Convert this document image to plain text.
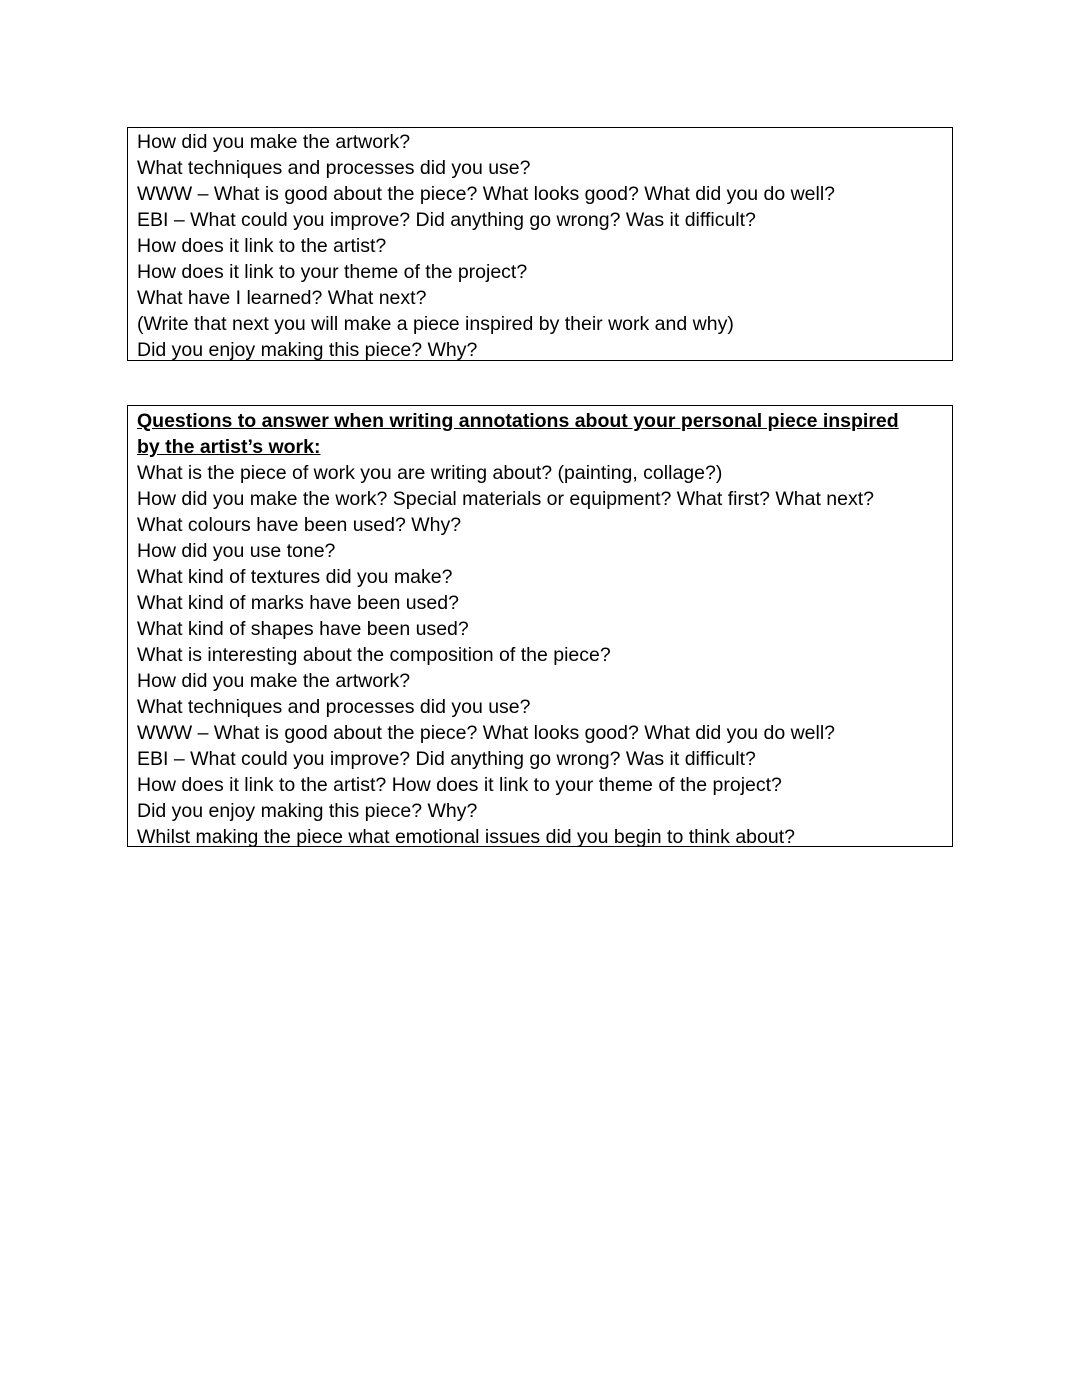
How did you make the artwork?
What techniques and processes did you use?
WWW – What is good about the piece? What looks good? What did you do well?
EBI – What could you improve? Did anything go wrong? Was it difficult?
How does it link to the artist?
How does it link to your theme of the project?
What have I learned? What next?
(Write that next you will make a piece inspired by their work and why)
Did you enjoy making this piece? Why?
Questions to answer when writing annotations about your personal piece inspired
by the artist’s work:
What is the piece of work you are writing about? (painting, collage?)
How did you make the work? Special materials or equipment? What first? What next?
What colours have been used? Why?
How did you use tone?
What kind of textures did you make?
What kind of marks have been used?
What kind of shapes have been used?
What is interesting about the composition of the piece?
How did you make the artwork?
What techniques and processes did you use?
WWW – What is good about the piece? What looks good? What did you do well?
EBI – What could you improve? Did anything go wrong? Was it difficult?
How does it link to the artist? How does it link to your theme of the project?
Did you enjoy making this piece? Why?
Whilst making the piece what emotional issues did you begin to think about?
